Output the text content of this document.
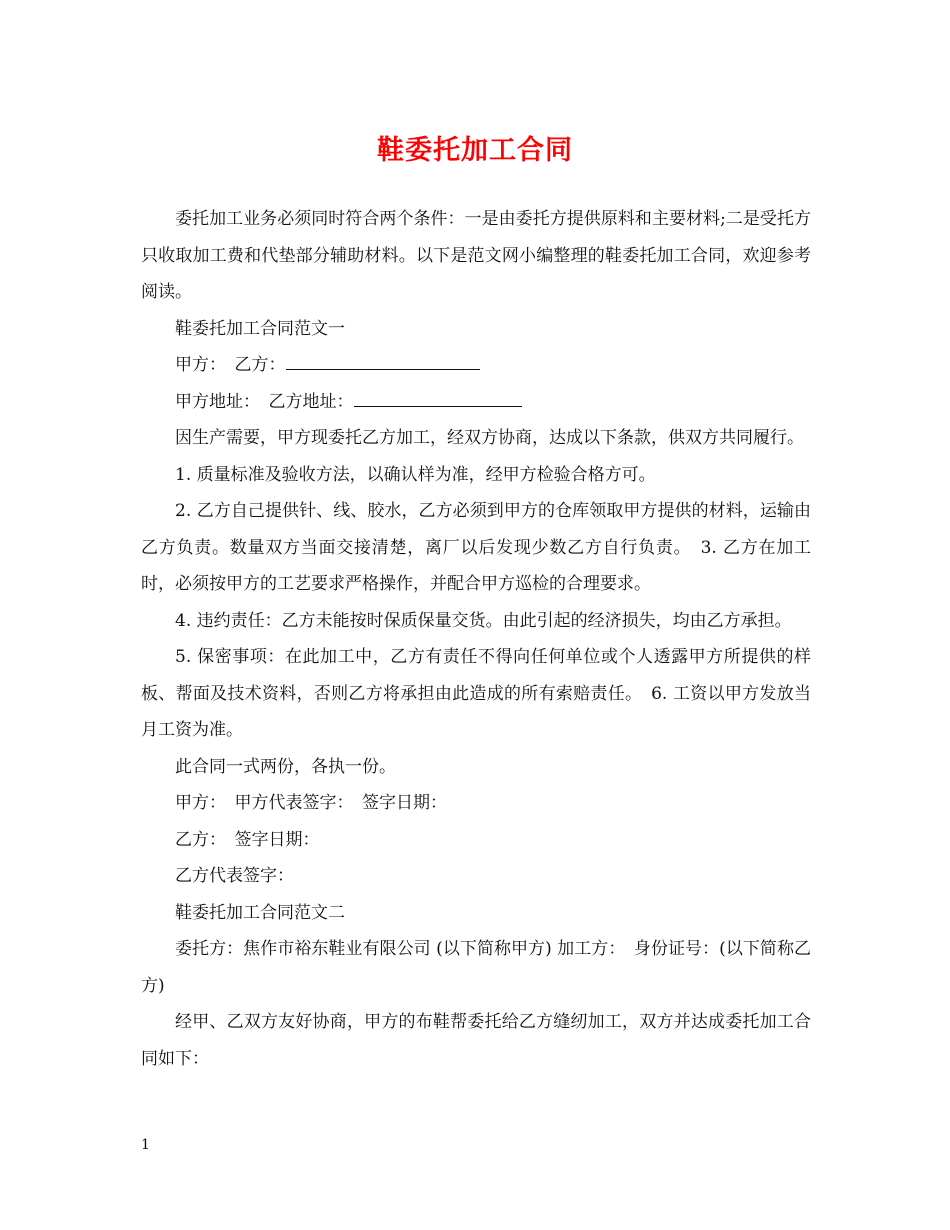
鞋委托加工合同

委托加工业务必须同时符合两个条件：一是由委托方提供原料和主要材料;二是受托方只收取加工费和代垫部分辅助材料。以下是范文网小编整理的鞋委托加工合同，欢迎参考阅读。

鞋委托加工合同范文一

甲方：　乙方：

甲方地址：　乙方地址：

因生产需要，甲方现委托乙方加工，经双方协商，达成以下条款，供双方共同履行。

1. 质量标准及验收方法，以确认样为准，经甲方检验合格方可。

2. 乙方自己提供针、线、胶水，乙方必须到甲方的仓库领取甲方提供的材料，运输由乙方负责。数量双方当面交接清楚，离厂以后发现少数乙方自行负责。　3. 乙方在加工时，必须按甲方的工艺要求严格操作，并配合甲方巡检的合理要求。

4. 违约责任：乙方未能按时保质保量交货。由此引起的经济损失，均由乙方承担。

5. 保密事项：在此加工中，乙方有责任不得向任何单位或个人透露甲方所提供的样板、帮面及技术资料，否则乙方将承担由此造成的所有索赔责任。　6. 工资以甲方发放当月工资为准。

此合同一式两份，各执一份。

甲方：　甲方代表签字：　签字日期：

乙方：　签字日期：

乙方代表签字：

鞋委托加工合同范文二

委托方：焦作市裕东鞋业有限公司 (以下简称甲方) 加工方：　身份证号：(以下简称乙方)

经甲、乙双方友好协商，甲方的布鞋帮委托给乙方缝纫加工，双方并达成委托加工合同如下：

1
